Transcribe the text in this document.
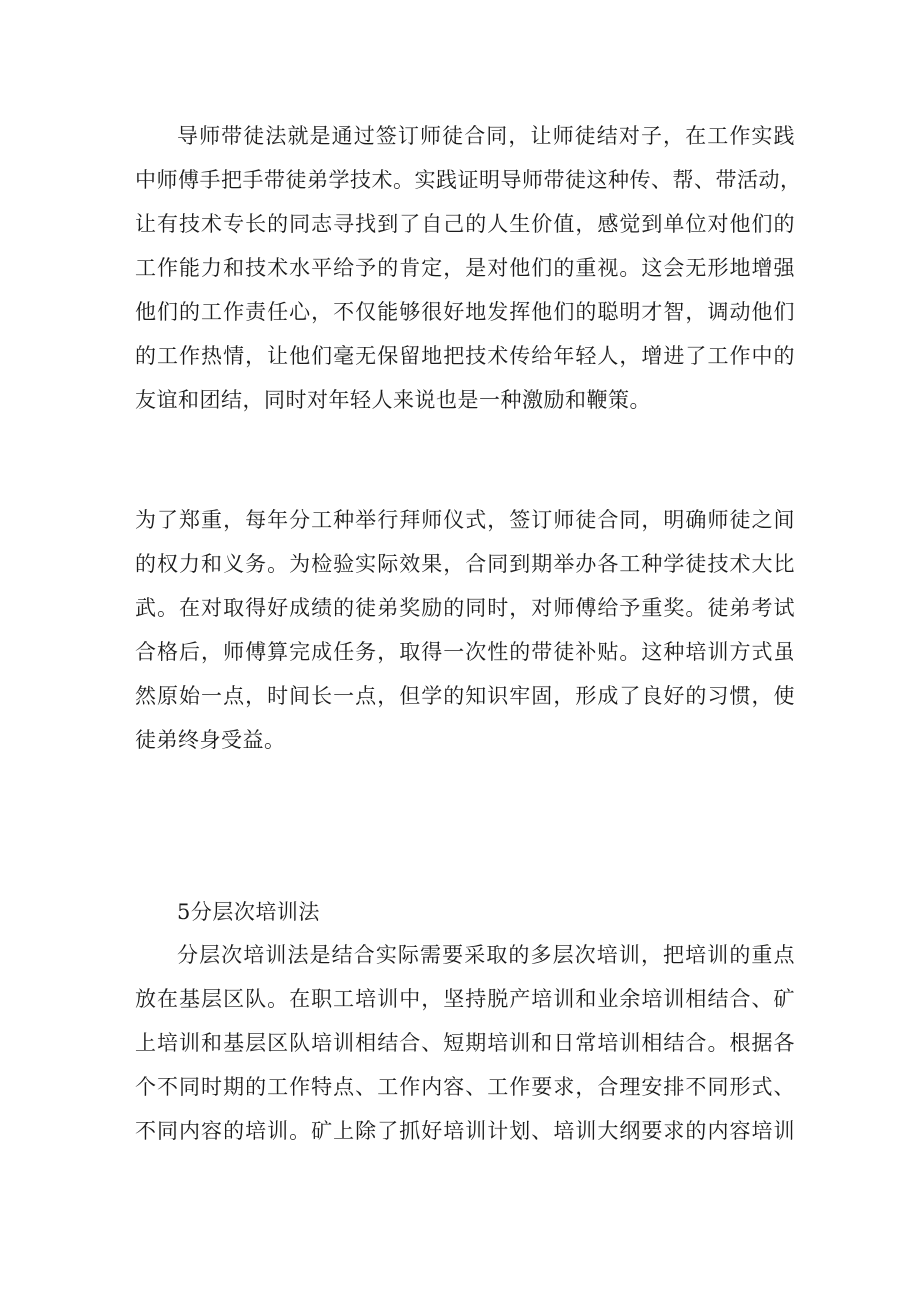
导师带徒法就是通过签订师徒合同，让师徒结对子，在工作实践
中师傅手把手带徒弟学技术。实践证明导师带徒这种传、帮、带活动，
让有技术专长的同志寻找到了自己的人生价值，感觉到单位对他们的
工作能力和技术水平给予的肯定，是对他们的重视。这会无形地增强
他们的工作责任心，不仅能够很好地发挥他们的聪明才智，调动他们
的工作热情，让他们毫无保留地把技术传给年轻人，增进了工作中的
友谊和团结，同时对年轻人来说也是一种激励和鞭策。
为了郑重，每年分工种举行拜师仪式，签订师徒合同，明确师徒之间
的权力和义务。为检验实际效果，合同到期举办各工种学徒技术大比
武。在对取得好成绩的徒弟奖励的同时，对师傅给予重奖。徒弟考试
合格后，师傅算完成任务，取得一次性的带徒补贴。这种培训方式虽
然原始一点，时间长一点，但学的知识牢固，形成了良好的习惯，使
徒弟终身受益。
5分层次培训法
分层次培训法是结合实际需要采取的多层次培训，把培训的重点
放在基层区队。在职工培训中，坚持脱产培训和业余培训相结合、矿
上培训和基层区队培训相结合、短期培训和日常培训相结合。根据各
个不同时期的工作特点、工作内容、工作要求，合理安排不同形式、
不同内容的培训。矿上除了抓好培训计划、培训大纲要求的内容培训
